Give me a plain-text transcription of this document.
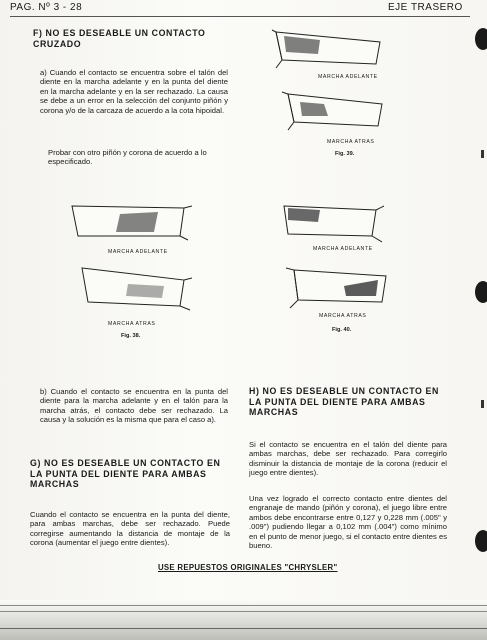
PAG. Nº 3 - 28	EJE TRASERO
F) NO ES DESEABLE UN CONTACTO CRUZADO
a) Cuando el contacto se encuentra sobre el talón del diente en la marcha adelante y en la punta del diente en la marcha adelante y en la ser rechazado. La causa se debe a un error en la selección del conjunto piñón y corona y/o de la carcaza de acuerdo a la cota hipoidal.
Probar con otro piñón y corona de acuerdo a lo especificado.
MARCHA ADELANTE
MARCHA ATRAS
Fig. 39.
MARCHA ADELANTE
MARCHA ATRAS
Fig. 38.
MARCHA ADELANTE
MARCHA ATRAS
Fig. 40.
b) Cuando el contacto se encuentra en la punta del diente para la marcha adelante y en el talón para la marcha atrás, el contacto debe ser rechazado. La causa y la solución es la misma que para el caso a).
G) NO ES DESEABLE UN CONTACTO EN LA PUNTA DEL DIENTE PARA AMBAS MARCHAS
Cuando el contacto se encuentra en la punta del diente, para ambas marchas, debe ser rechazado. Puede corregirse aumentando la distancia de montaje de la corona (aumentar el juego entre dientes).
H) NO ES DESEABLE UN CONTACTO EN LA PUNTA DEL DIENTE PARA AMBAS MARCHAS
Si el contacto se encuentra en el talón del diente para ambas marchas, debe ser rechazado. Para corregirlo disminuir la distancia de montaje de la corona (reducir el juego entre dientes).
Una vez logrado el correcto contacto entre dientes del engranaje de mando (piñón y corona), el juego libre entre ambos debe encontrarse entre 0,127 y 0,228 mm (.005" y .009") pudiendo llegar a 0,102 mm (.004") como mínimo en el punto de menor juego, si el contacto entre dientes es bueno.
USE REPUESTOS ORIGINALES "CHRYSLER"
